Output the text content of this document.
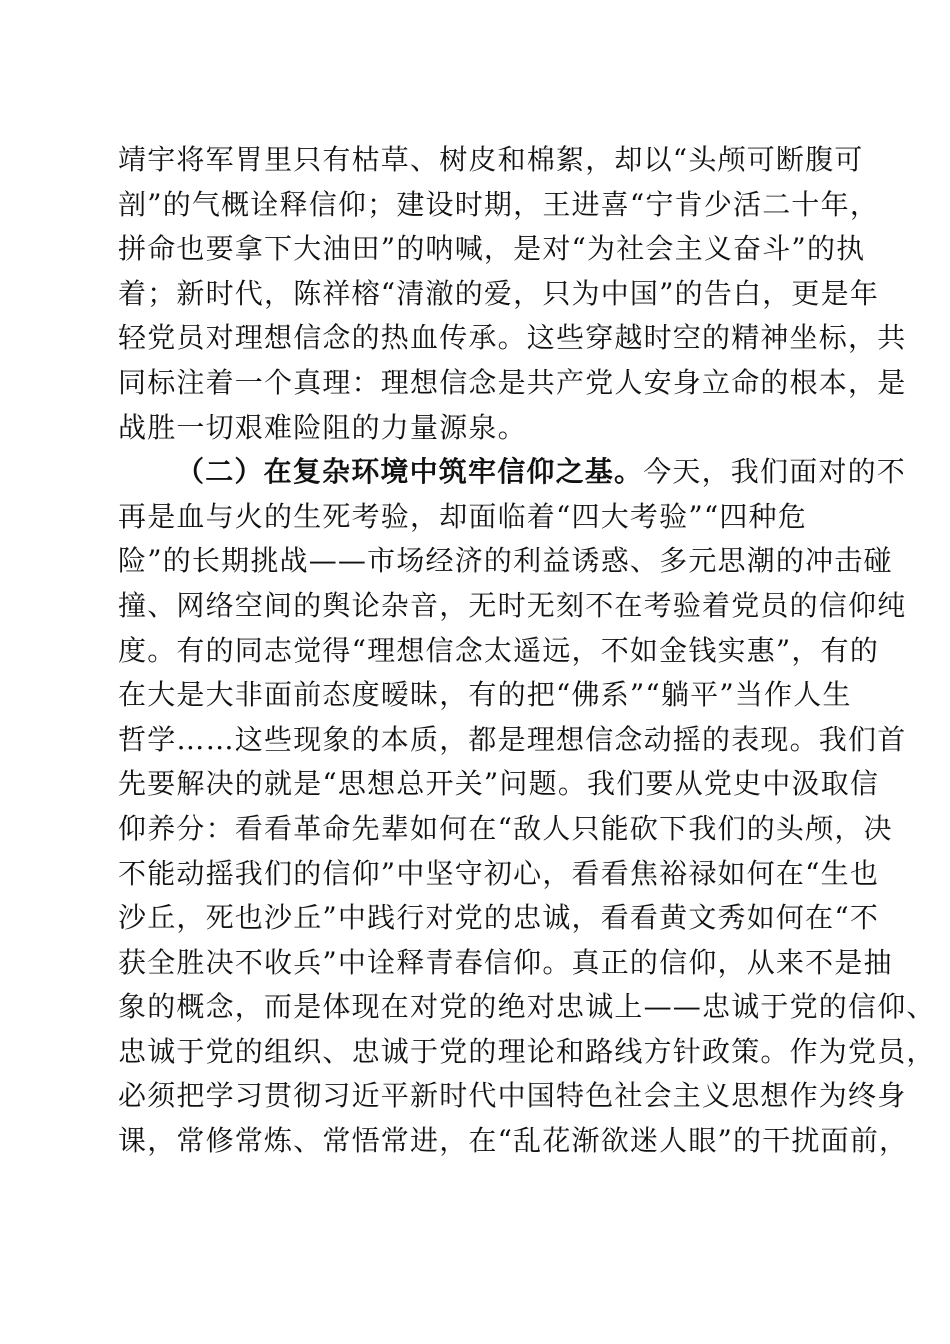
靖宇将军胃里只有枯草、树皮和棉絮，却以“头颅可断腹可
剖”的气概诠释信仰；建设时期，王进喜“宁肯少活二十年，
拼命也要拿下大油田”的呐喊，是对“为社会主义奋斗”的执
着；新时代，陈祥榕“清澈的爱，只为中国”的告白，更是年
轻党员对理想信念的热血传承。这些穿越时空的精神坐标，共
同标注着一个真理：理想信念是共产党人安身立命的根本，是
战胜一切艰难险阻的力量源泉。
（二）在复杂环境中筑牢信仰之基。今天，我们面对的不
再是血与火的生死考验，却面临着“四大考验”“四种危
险”的长期挑战——市场经济的利益诱惑、多元思潮的冲击碰
撞、网络空间的舆论杂音，无时无刻不在考验着党员的信仰纯
度。有的同志觉得“理想信念太遥远，不如金钱实惠”，有的
在大是大非面前态度暧昧，有的把“佛系”“躺平”当作人生
哲学……这些现象的本质，都是理想信念动摇的表现。我们首
先要解决的就是“思想总开关”问题。我们要从党史中汲取信
仰养分：看看革命先辈如何在“敌人只能砍下我们的头颅，决
不能动摇我们的信仰”中坚守初心，看看焦裕禄如何在“生也
沙丘，死也沙丘”中践行对党的忠诚，看看黄文秀如何在“不
获全胜决不收兵”中诠释青春信仰。真正的信仰，从来不是抽
象的概念，而是体现在对党的绝对忠诚上——忠诚于党的信仰、
忠诚于党的组织、忠诚于党的理论和路线方针政策。作为党员，
必须把学习贯彻习近平新时代中国特色社会主义思想作为终身
课，常修常炼、常悟常进，在“乱花渐欲迷人眼”的干扰面前，
